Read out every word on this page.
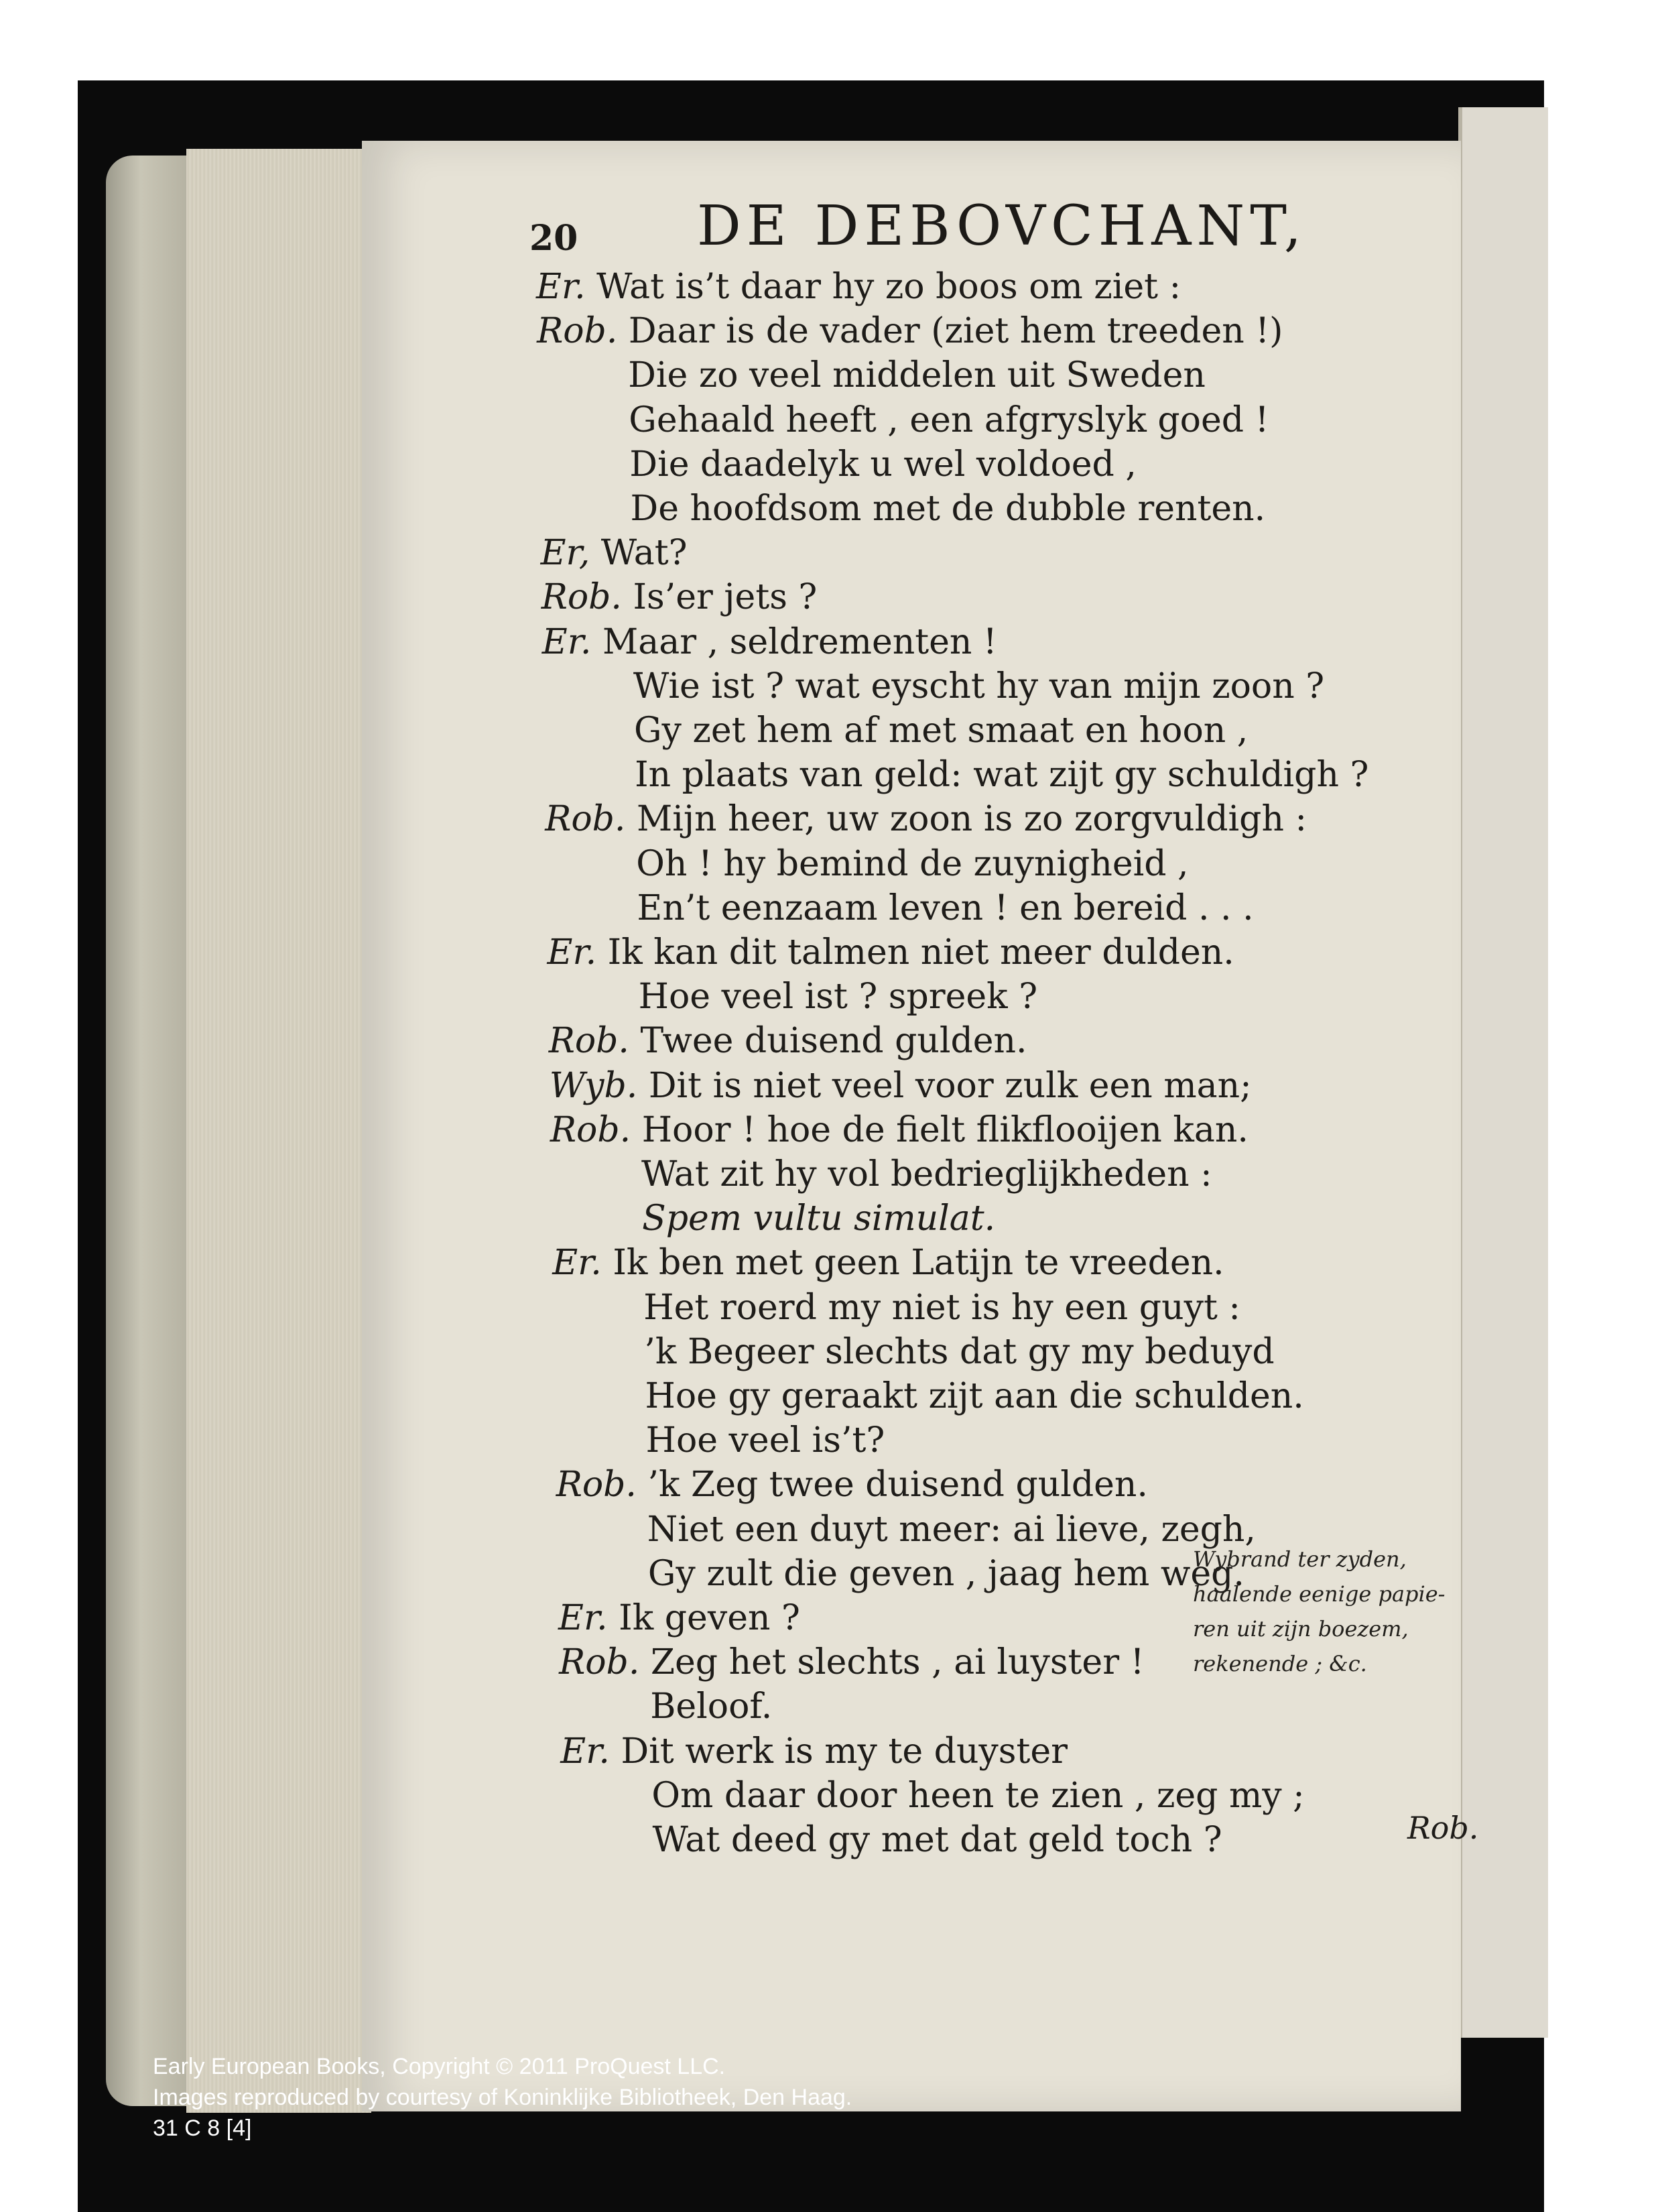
20 DE DEBOVCHANT,
Er. Wat is’t daar hy zo boos om ziet :
Rob. Daar is de vader (ziet hem treeden !)
Die zo veel middelen uit Sweden
Gehaald heeft , een afgryslyk goed !
Die daadelyk u wel voldoed ,
De hoofdsom met de dubble renten.
Er, Wat?
Rob. Is’er jets ?
Er. Maar , seldrementen !
Wie ist ? wat eyscht hy van mijn zoon ?
Gy zet hem af met smaat en hoon ,
In plaats van geld: wat zijt gy schuldigh ?
Rob. Mijn heer, uw zoon is zo zorgvuldigh :
Oh ! hy bemind de zuynigheid ,
En’t eenzaam leven ! en bereid . . .
Er. Ik kan dit talmen niet meer dulden.
Hoe veel ist ? spreek ?
Rob. Twee duisend gulden.
Wyb. Dit is niet veel voor zulk een man;
Rob. Hoor ! hoe de fielt flikflooijen kan.
Wat zit hy vol bedrieglijkheden :
Spem vultu simulat.
Er. Ik ben met geen Latijn te vreeden.
Het roerd my niet is hy een guyt :
’k Begeer slechts dat gy my beduyd
Hoe gy geraakt zijt aan die schulden.
Hoe veel is’t?
Rob. ’k Zeg twee duisend gulden.
Niet een duyt meer: ai lieve, zegh,
Gy zult die geven , jaag hem weg.
Er. Ik geven ?
Rob. Zeg het slechts , ai luyster !
Beloof.
Er. Dit werk is my te duyster
Om daar door heen te zien , zeg my ;
Wat deed gy met dat geld toch ?
Wybrand ter zyden,
haalende eenige papie-
ren uit zijn boezem,
rekenende ; &c.
Rob.
Early European Books, Copyright © 2011 ProQuest LLC.
Images reproduced by courtesy of Koninklijke Bibliotheek, Den Haag.
31 C 8 [4]
